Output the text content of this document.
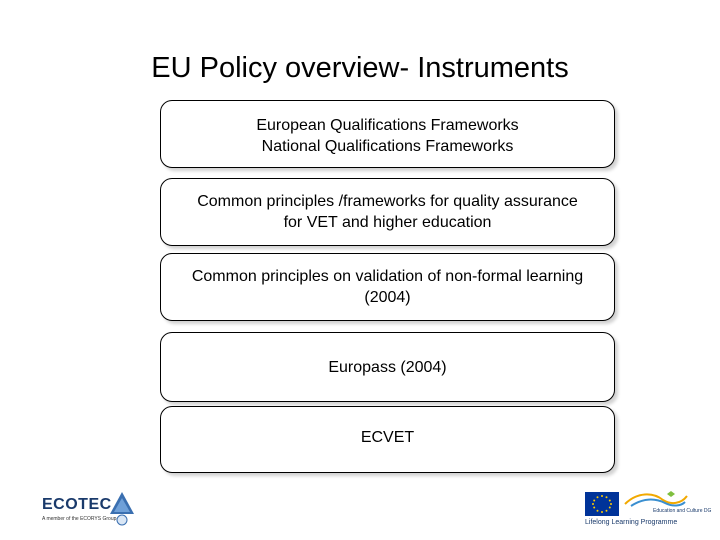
EU Policy overview- Instruments
European Qualifications Frameworks
National Qualifications Frameworks
Common principles /frameworks for quality assurance
for VET and higher education
Common principles on validation of non-formal learning
(2004)
Europass (2004)
ECVET
ECOTEC
A member of the ECORYS Group
Education and Culture DG
Lifelong Learning Programme
